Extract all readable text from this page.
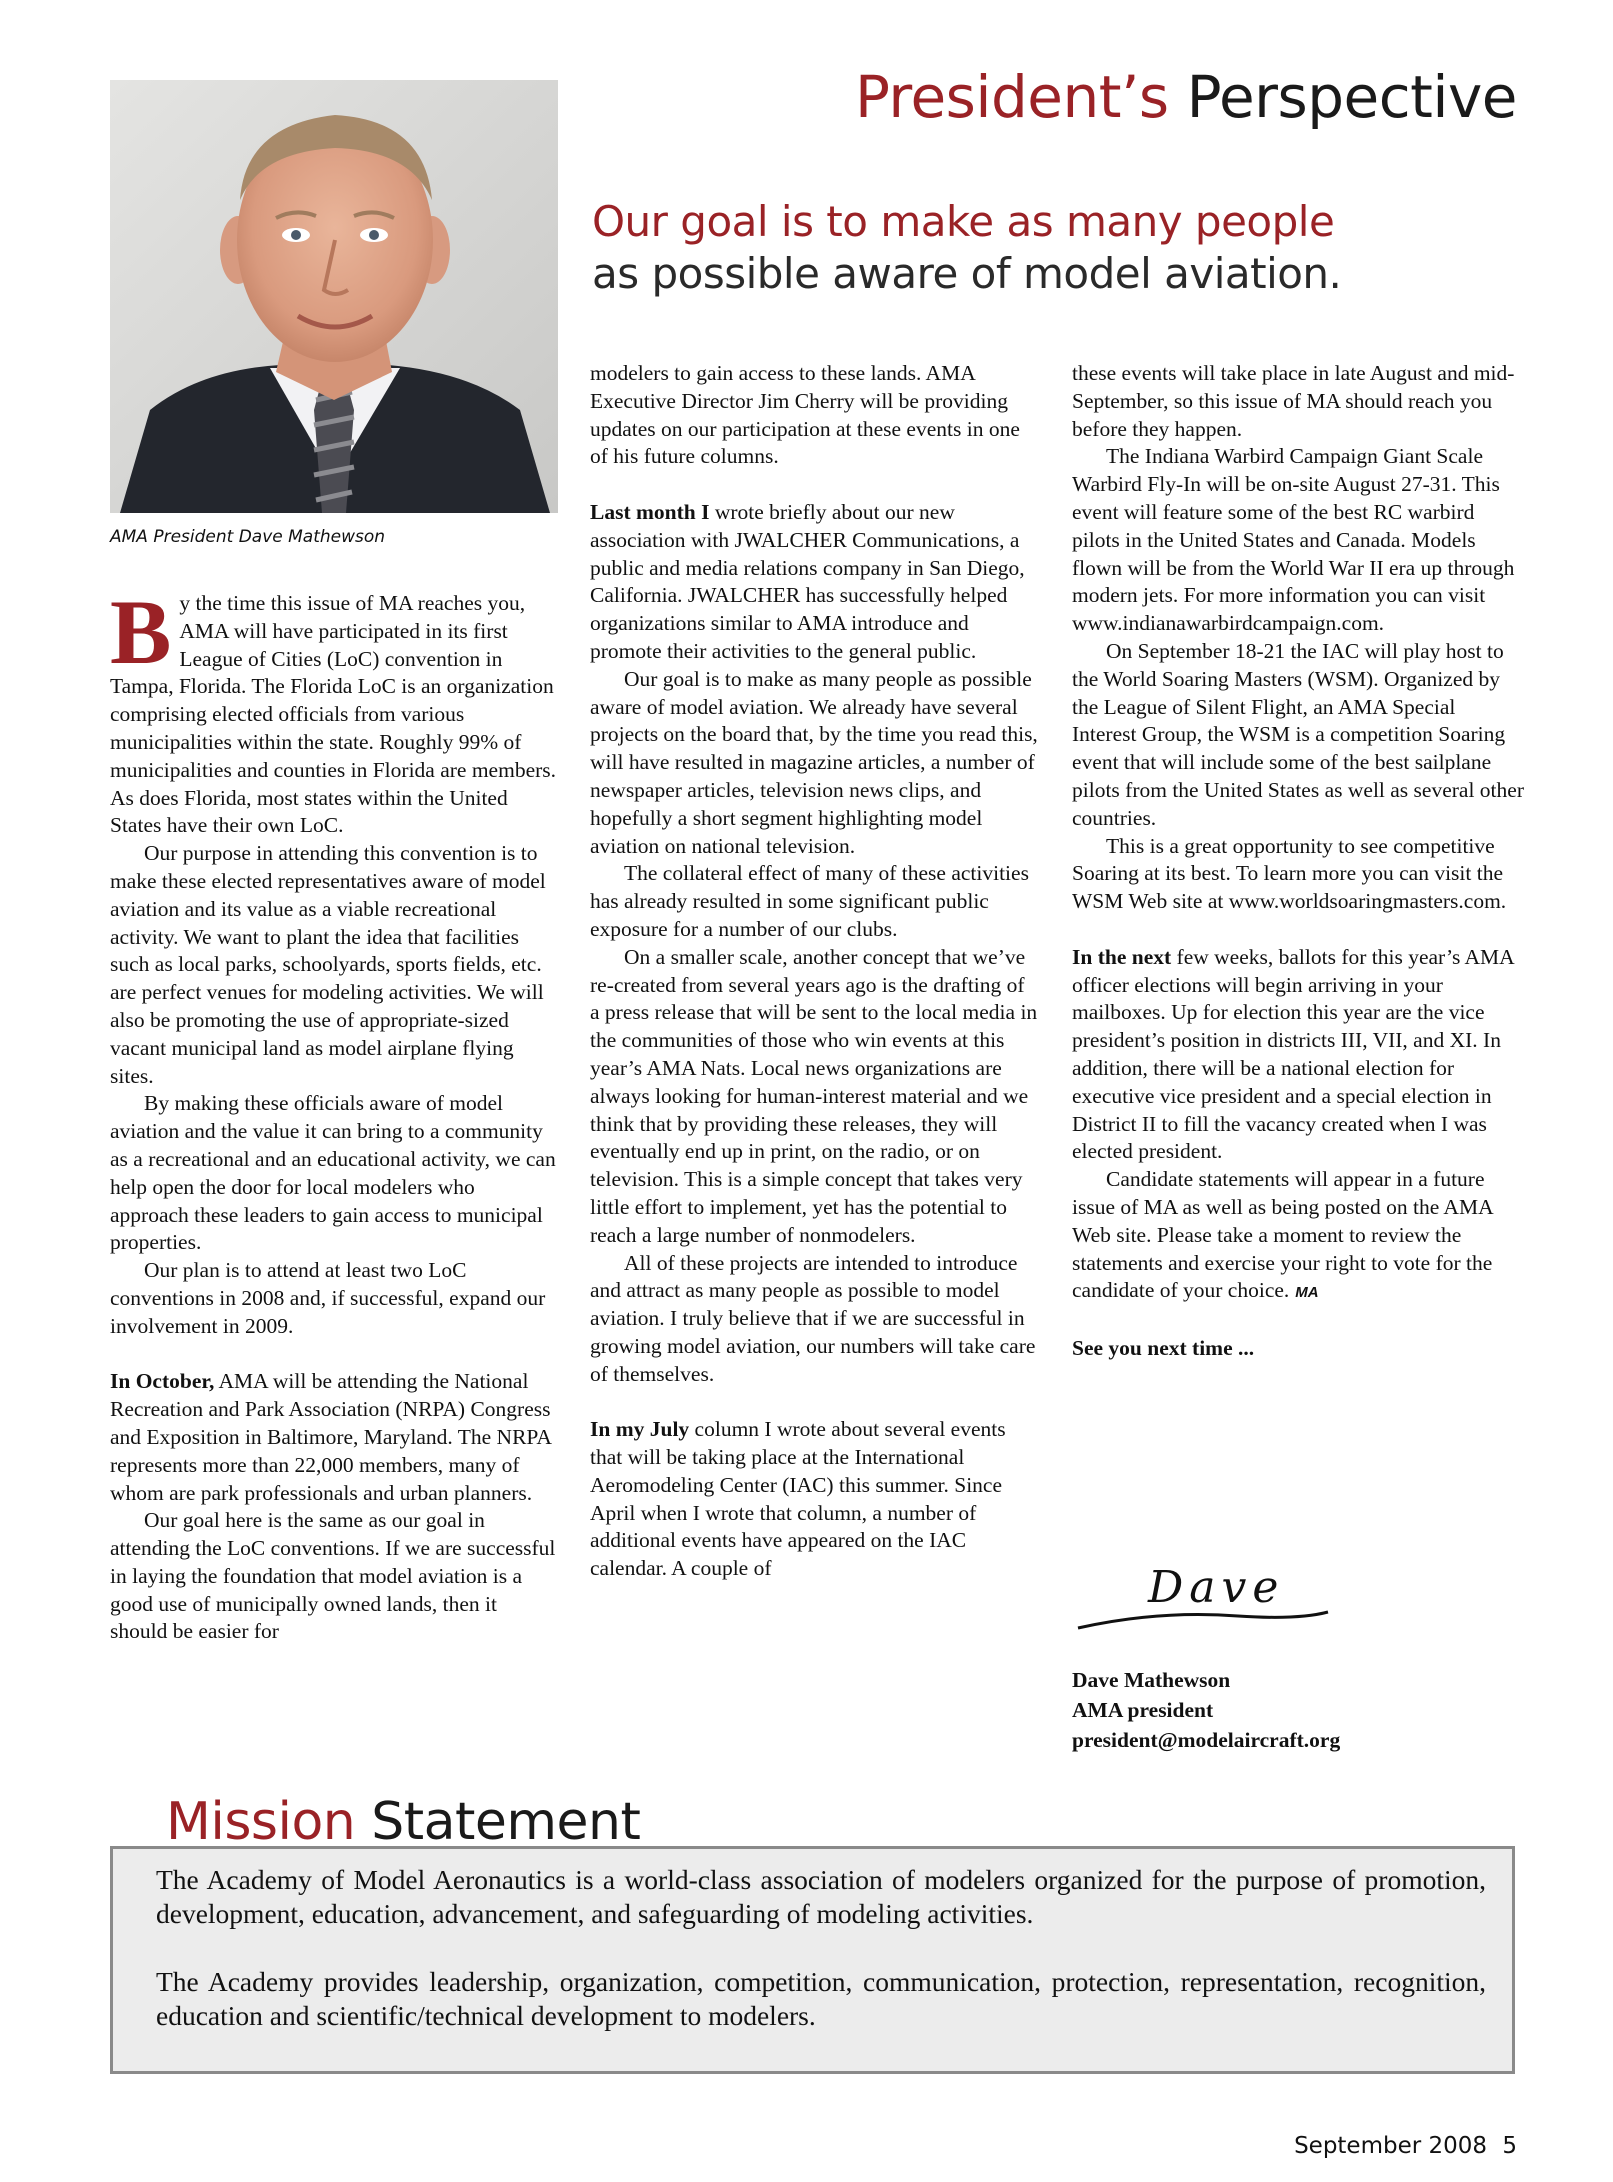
President’s Perspective
Our goal is to make as many people
as possible aware of model aviation.
AMA President Dave Mathewson

By the time this issue of MA reaches you, AMA will have participated in its first League of Cities (LoC) convention in Tampa, Florida. The Florida LoC is an organization comprising elected officials from various municipalities within the state. Roughly 99% of municipalities and counties in Florida are members. As does Florida, most states within the United States have their own LoC.

Our purpose in attending this convention is to make these elected representatives aware of model aviation and its value as a viable recreational activity. We want to plant the idea that facilities such as local parks, schoolyards, sports fields, etc. are perfect venues for modeling activities. We will also be promoting the use of appropriate-sized vacant municipal land as model airplane flying sites.

By making these officials aware of model aviation and the value it can bring to a community as a recreational and an educational activity, we can help open the door for local modelers who approach these leaders to gain access to municipal properties.

Our plan is to attend at least two LoC conventions in 2008 and, if successful, expand our involvement in 2009.

In October, AMA will be attending the National Recreation and Park Association (NRPA) Congress and Exposition in Baltimore, Maryland. The NRPA represents more than 22,000 members, many of whom are park professionals and urban planners.

Our goal here is the same as our goal in attending the LoC conventions. If we are successful in laying the foundation that model aviation is a good use of municipally owned lands, then it should be easier for

modelers to gain access to these lands. AMA Executive Director Jim Cherry will be providing updates on our participation at these events in one of his future columns.

Last month I wrote briefly about our new association with JWALCHER Communications, a public and media relations company in San Diego, California. JWALCHER has successfully helped organizations similar to AMA introduce and promote their activities to the general public.

Our goal is to make as many people as possible aware of model aviation. We already have several projects on the board that, by the time you read this, will have resulted in magazine articles, a number of newspaper articles, television news clips, and hopefully a short segment highlighting model aviation on national television.

The collateral effect of many of these activities has already resulted in some significant public exposure for a number of our clubs.

On a smaller scale, another concept that we’ve re-created from several years ago is the drafting of a press release that will be sent to the local media in the communities of those who win events at this year’s AMA Nats. Local news organizations are always looking for human-interest material and we think that by providing these releases, they will eventually end up in print, on the radio, or on television. This is a simple concept that takes very little effort to implement, yet has the potential to reach a large number of nonmodelers.

All of these projects are intended to introduce and attract as many people as possible to model aviation. I truly believe that if we are successful in growing model aviation, our numbers will take care of themselves.

In my July column I wrote about several events that will be taking place at the International Aeromodeling Center (IAC) this summer. Since April when I wrote that column, a number of additional events have appeared on the IAC calendar. A couple of

these events will take place in late August and mid-September, so this issue of MA should reach you before they happen.

The Indiana Warbird Campaign Giant Scale Warbird Fly-In will be on-site August 27-31. This event will feature some of the best RC warbird pilots in the United States and Canada. Models flown will be from the World War II era up through modern jets. For more information you can visit www.indianawarbirdcampaign.com.

On September 18-21 the IAC will play host to the World Soaring Masters (WSM). Organized by the League of Silent Flight, an AMA Special Interest Group, the WSM is a competition Soaring event that will include some of the best sailplane pilots from the United States as well as several other countries.

This is a great opportunity to see competitive Soaring at its best. To learn more you can visit the WSM Web site at www.worldsoaringmasters.com.

In the next few weeks, ballots for this year’s AMA officer elections will begin arriving in your mailboxes. Up for election this year are the vice president’s position in districts III, VII, and XI. In addition, there will be a national election for executive vice president and a special election in District II to fill the vacancy created when I was elected president.

Candidate statements will appear in a future issue of MA as well as being posted on the AMA Web site. Please take a moment to review the statements and exercise your right to vote for the candidate of your choice. MA

See you next time ...

Dave
Dave Mathewson
AMA president
president@modelaircraft.org
Mission Statement

The Academy of Model Aeronautics is a world-class association of modelers organized for the purpose of promotion, development, education, advancement, and safeguarding of modeling activities.

The Academy provides leadership, organization, competition, communication, protection, representation, recognition, education and scientific/technical development to modelers.

September 2008 5
